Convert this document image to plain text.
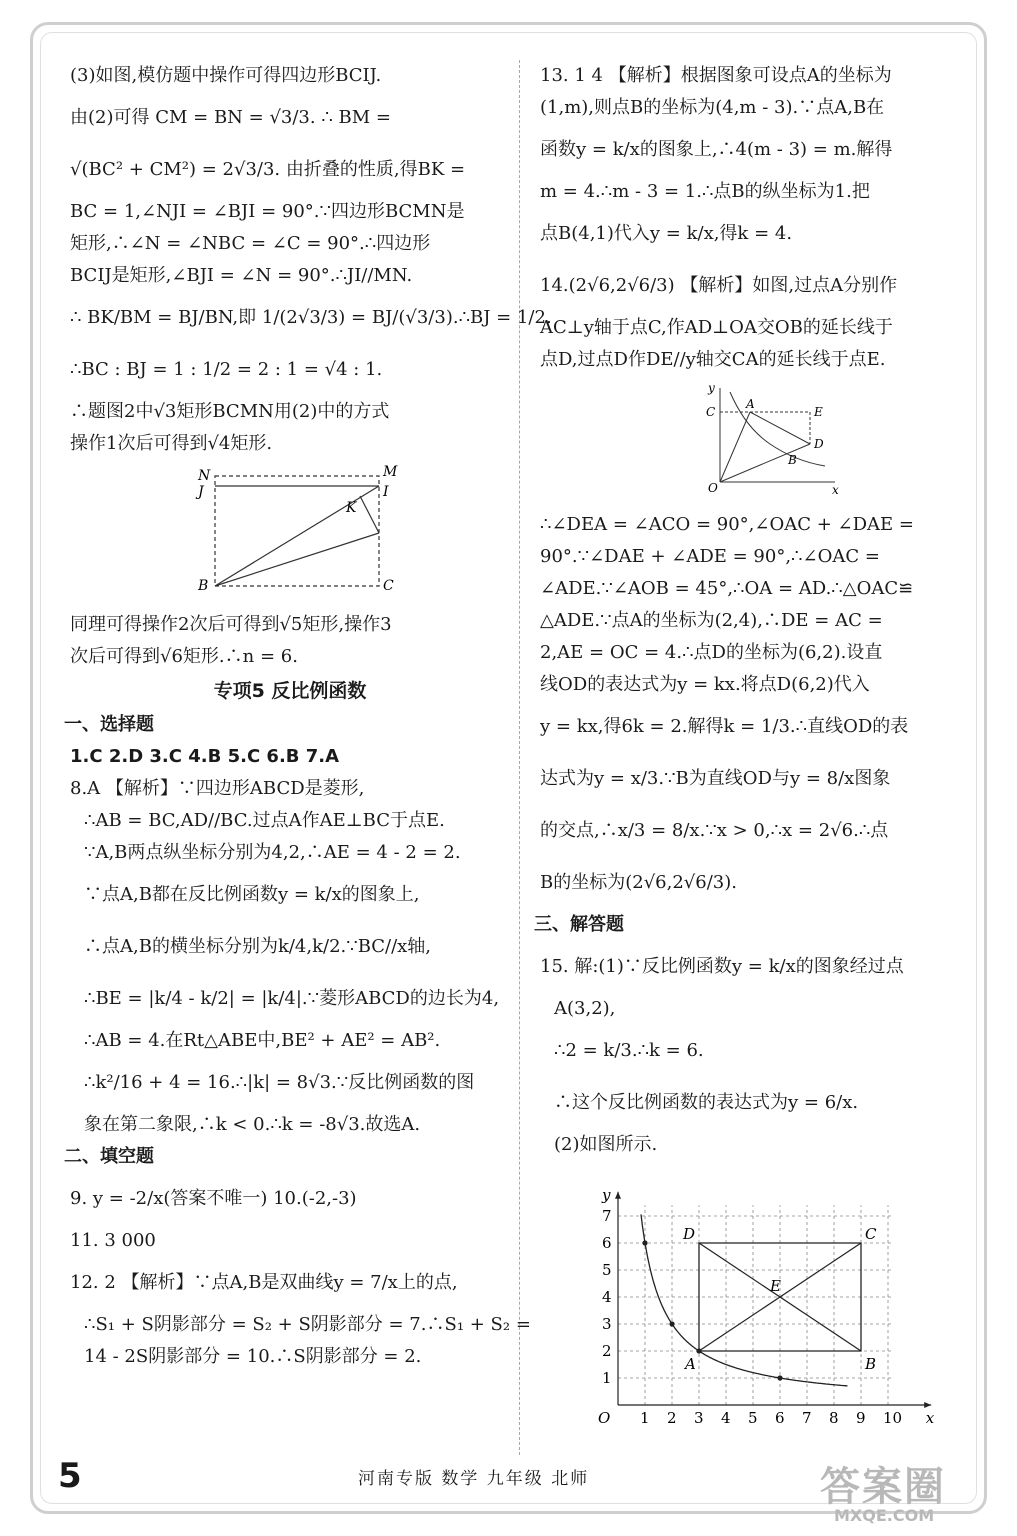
(3)如图,模仿题中操作可得四边形BCIJ.
由(2)可得 CM = BN = √3/3. ∴ BM =
√(BC² + CM²) = 2√3/3. 由折叠的性质,得BK =
BC = 1,∠NJI = ∠BJI = 90°.∵四边形BCMN是
矩形,∴∠N = ∠NBC = ∠C = 90°.∴四边形
BCIJ是矩形,∠BJI = ∠N = 90°.∴JI//MN.
∴ BK/BM = BJ/BN,即 1/(2√3/3) = BJ/(√3/3).∴BJ = 1/2.
∴BC : BJ = 1 : 1/2 = 2 : 1 = √4 : 1.
∴题图2中√3矩形BCMN用(2)中的方式
操作1次后可得到√4矩形.
N
J
M
I
K
B	C
同理可得操作2次后可得到√5矩形,操作3
次后可得到√6矩形.∴n = 6.
专项5 反比例函数
一、选择题
1.C 2.D 3.C 4.B 5.C 6.B 7.A
8.A 【解析】∵四边形ABCD是菱形,
∴AB = BC,AD//BC.过点A作AE⊥BC于点E.
∵A,B两点纵坐标分别为4,2,∴AE = 4 - 2 = 2.
∵点A,B都在反比例函数y = k/x的图象上,
∴点A,B的横坐标分别为k/4,k/2.∵BC//x轴,
∴BE = |k/4 - k/2| = |k/4|.∵菱形ABCD的边长为4,
∴AB = 4.在Rt△ABE中,BE² + AE² = AB².
∴k²/16 + 4 = 16.∴|k| = 8√3.∵反比例函数的图
象在第二象限,∴k < 0.∴k = -8√3.故选A.
二、填空题
9. y = -2/x(答案不唯一) 10.(-2,-3)
11. 3 000
12. 2 【解析】∵点A,B是双曲线y = 7/x上的点,
∴S₁ + S阴影部分 = S₂ + S阴影部分 = 7.∴S₁ + S₂ =
14 - 2S阴影部分 = 10.∴S阴影部分 = 2.
13. 1 4 【解析】根据图象可设点A的坐标为
(1,m),则点B的坐标为(4,m - 3).∵点A,B在
函数y = k/x的图象上,∴4(m - 3) = m.解得
m = 4.∴m - 3 = 1.∴点B的纵坐标为1.把
点B(4,1)代入y = k/x,得k = 4.
14.(2√6,2√6/3) 【解析】如图,过点A分别作
AC⊥y轴于点C,作AD⊥OA交OB的延长线于
点D,过点D作DE//y轴交CA的延长线于点E.
y
x
C
A
E
D
B
O
∴∠DEA = ∠ACO = 90°,∠OAC + ∠DAE =
90°.∵∠DAE + ∠ADE = 90°,∴∠OAC =
∠ADE.∵∠AOB = 45°,∴OA = AD.∴△OAC≌
△ADE.∵点A的坐标为(2,4),∴DE = AC =
2,AE = OC = 4.∴点D的坐标为(6,2).设直
线OD的表达式为y = kx.将点D(6,2)代入
y = kx,得6k = 2.解得k = 1/3.∴直线OD的表
达式为y = x/3.∵B为直线OD与y = 8/x图象
的交点,∴x/3 = 8/x.∵x > 0,∴x = 2√6.∴点
B的坐标为(2√6,2√6/3).
三、解答题
15. 解:(1)∵反比例函数y = k/x的图象经过点
A(3,2),
∴2 = k/3.∴k = 6.
∴这个反比例函数的表达式为y = 6/x.
(2)如图所示.
1 2 3 4 5 6 7 8 9 10
1
2
3
4
5
6
7
x
y
O
A	B
C
D
E
5	河南专版 数学 九年级 北师	答案圈
MXQE.COM
